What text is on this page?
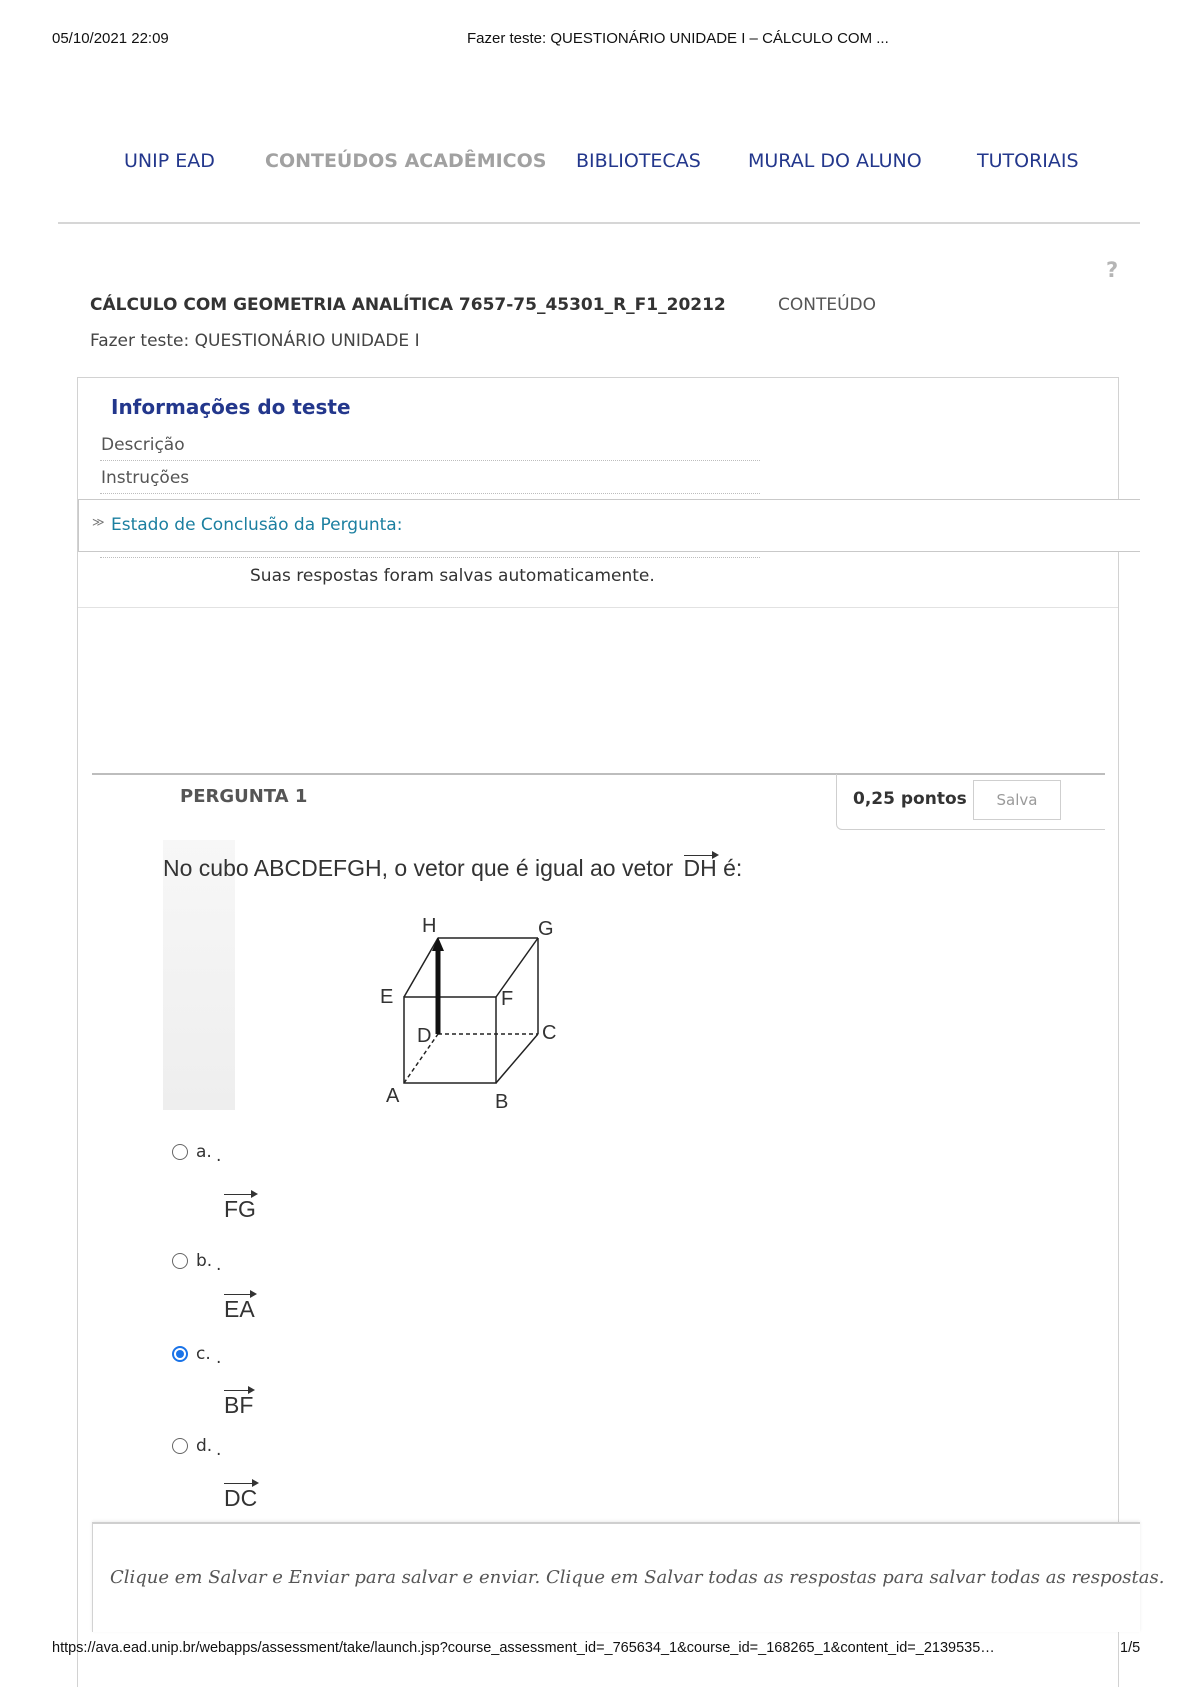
05/10/2021 22:09	Fazer teste: QUESTIONÁRIO UNIDADE I – CÁLCULO COM ...
UNIP EAD	CONTEÚDOS ACADÊMICOS BIBLIOTECAS MURAL DO ALUNO	TUTORIAIS
?
CÁLCULO COM GEOMETRIA ANALÍTICA 7657-75_45301_R_F1_20212	CONTEÚDO
Fazer teste: QUESTIONÁRIO UNIDADE I
Informações do teste
Descrição
Instruções
≫ Estado de Conclusão da Pergunta:
Suas respostas foram salvas automaticamente.
PERGUNTA 1	0,25 pontos	Salva
No cubo ABCDEFGH, o vetor que é igual ao vetor DH é:
H	G
E	F
D	C
A	B
a. .
FG
b. .
EA
c. .
BF
d. .
DC
Clique em Salvar e Enviar para salvar e enviar. Clique em Salvar todas as respostas para salvar todas as respostas.
https://ava.ead.unip.br/webapps/assessment/take/launch.jsp?course_assessment_id=_765634_1&course_id=_168265_1&content_id=_2139535…	1/5
